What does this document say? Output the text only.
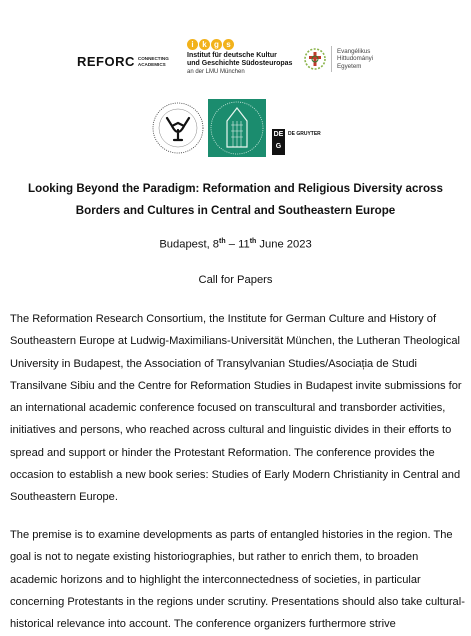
REFORC CONNECTING
ACADEMICS
i	k g s
Institut für deutsche Kultur
und Geschichte Südosteuropas
an der LMU München
Evangélikus
Hittudományi
Egyetem
DE
G
DE GRUYTER
Looking Beyond the Paradigm: Reformation and Religious Diversity across Borders and Cultures in Central and Southeastern Europe
Budapest, 8th – 11th June 2023
Call for Papers
The Reformation Research Consortium, the Institute for German Culture and History of Southeastern Europe at Ludwig-Maximilians-Universität München, the Lutheran Theological University in Budapest, the Association of Transylvanian Studies/Asociația de Studi Transilvane Sibiu and the Centre for Reformation Studies in Budapest invite submissions for an international academic conference focused on transcultural and transborder activities, initiatives and persons, who reached across cultural and linguistic divides in their efforts to spread and support or hinder the Protestant Reformation. The conference provides the occasion to establish a new book series: Studies of Early Modern Christianity in Central and Southeastern Europe.
The premise is to examine developments as parts of entangled histories in the region. The goal is not to negate existing historiographies, but rather to enrich them, to broaden academic horizons and to highlight the interconnectedness of societies, in particular concerning Protestants in the regions under scrutiny. Presentations should also take cultural-historical relevance into account. The conference organizers furthermore strive
